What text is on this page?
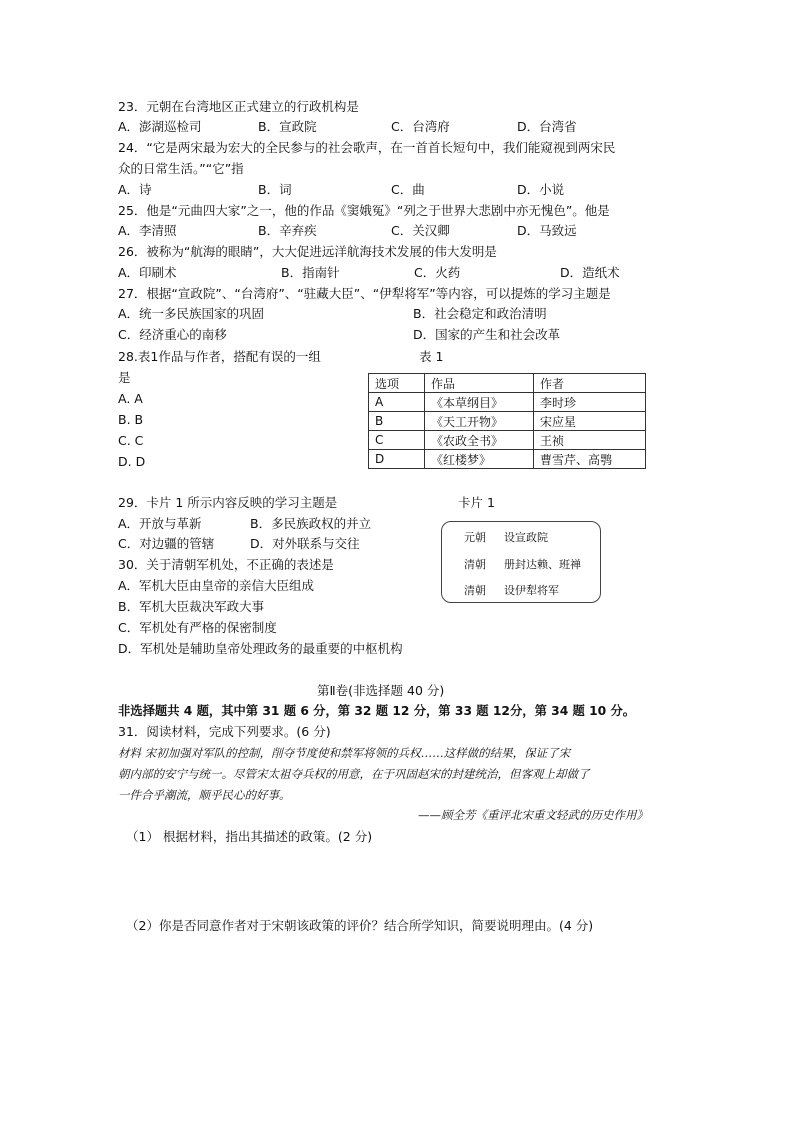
23．元朝在台湾地区正式建立的行政机构是
A．澎湖巡检司	B．宣政院	C．台湾府	D．台湾省
24．“它是两宋最为宏大的全民参与的社会歌声，在一首首长短句中，我们能窥视到两宋民
众的日常生活。”“它”指
A．诗	B．词	C．曲	D．小说
25．他是“元曲四大家”之一，他的作品《窦娥冤》“列之于世界大悲剧中亦无愧色”。他是
A．李清照	B．辛弃疾	C．关汉卿	D．马致远
26．被称为“航海的眼睛”，大大促进远洋航海技术发展的伟大发明是
A．印刷术	B．指南针	C．火药	D．造纸术
27．根据“宣政院”、“台湾府”、“驻藏大臣”、“伊犁将军”等内容，可以提炼的学习主题是
A．统一多民族国家的巩固	B．社会稳定和政治清明
C．经济重心的南移	D．国家的产生和社会改革
28.表1作品与作者，搭配有误的一组	表 1
是
A. A
B. B
C. C
D. D
选项	作品	作者
A	《本草纲目》	李时珍
B	《天工开物》	宋应星
C	《农政全书》	王祯
D	《红楼梦》	曹雪芹、高鹗
29．卡片 1 所示内容反映的学习主题是	卡片 1
A．开放与革新	B．多民族政权的并立
C．对边疆的管辖	D．对外联系与交往	元朝 设宣政院
清朝 册封达赖、班禅
清朝 设伊犁将军
30．关于清朝军机处，不正确的表述是
A．军机大臣由皇帝的亲信大臣组成
B．军机大臣裁决军政大事
C．军机处有严格的保密制度
D．军机处是辅助皇帝处理政务的最重要的中枢机构
第Ⅱ卷(非选择题 40 分)
非选择题共 4 题，其中第 31 题 6 分，第 32 题 12 分，第 33 题 12分，第 34 题 10 分。
31．阅读材料，完成下列要求。(6 分)
材料 宋初加强对军队的控制，削夺节度使和禁军将领的兵权……这样做的结果，保证了宋
朝内部的安宁与统一。尽管宋太祖夺兵权的用意，在于巩固赵宋的封建统治，但客观上却做了
一件合乎潮流，顺乎民心的好事。
——顾全芳《重评北宋重文轻武的历史作用》
（1） 根据材料，指出其描述的政策。(2 分)
（2）你是否同意作者对于宋朝该政策的评价？结合所学知识，简要说明理由。(4 分)
